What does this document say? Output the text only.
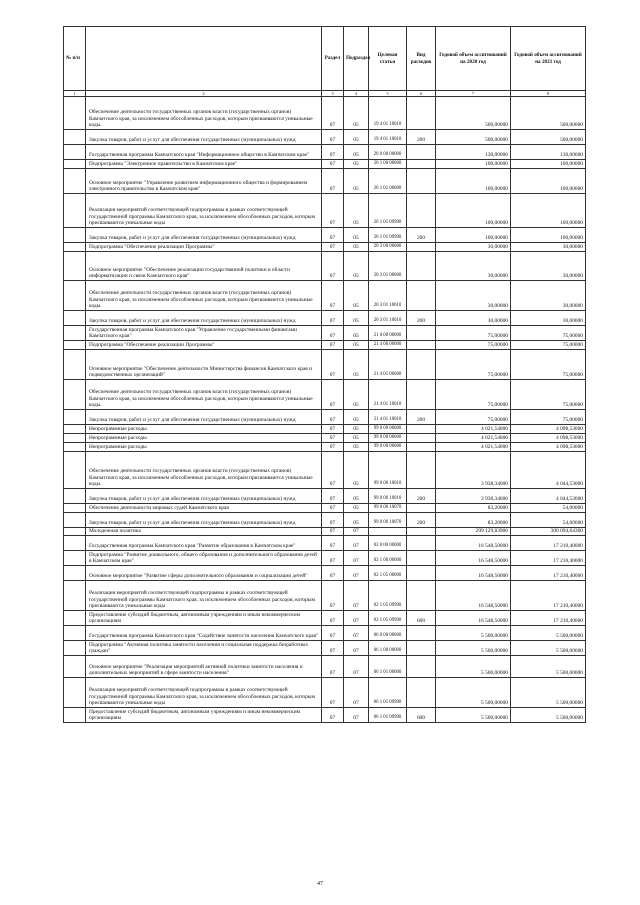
№ п/п		Раздел	Подраздел	Целевая статья	Вид расходов	Годовой объем ассигнований на 2020 год	Годовой объем ассигнований на 2021 год
1	2	3	4	5	6	7	8
	Обеспечение деятельности государственных органов власти (государственных органов) Камчатского края, за исключением обособленных расходов, которым присваиваются уникальные коды.	07	05	19 4 01 10010		500,00000	500,00000
	Закупка товаров, работ и услуг для обеспечения государственных (муниципальных) нужд	07	05	19 4 01 10010	200	500,00000	500,00000
	Государственная программа Камчатского края "Информационное общество в Камчатском крае"	07	05	20 0 00 00000		130,00000	130,00000
	Подпрограмма "Электронное правительство в Камчатском крае"	07	05	20 1 00 00000		100,00000	100,00000
	Основное мероприятие "Управление развитием информационного общества и формированием электронного правительства в Камчатском крае"	07	05	20 1 01 00000		100,00000	100,00000
	Реализация мероприятий соответствующей подпрограммы в рамках соответствующей государственной программы Камчатского края, за исключением обособленных расходов, которым присваиваются уникальные коды	07	05	20 1 01 09990		100,00000	100,00000
	Закупка товаров, работ и услуг для обеспечения государственных (муниципальных) нужд	07	05	20 1 01 09990	200	100,00000	100,00000
	Подпрограмма "Обеспечение реализации Программы"	07	05	20 3 00 00000		30,00000	30,00000
	Основное мероприятие "Обеспечение реализации государственной политики в области информатизации и связи Камчатского края"	07	05	20 3 01 00000		30,00000	30,00000
	Обеспечение деятельности государственных органов власти (государственных органов) Камчатского края, за исключением обособленных расходов, которым присваиваются уникальные коды.	07	05	20 3 01 10010		30,00000	30,00000
	Закупка товаров, работ и услуг для обеспечения государственных (муниципальных) нужд	07	05	20 3 01 10010	200	30,00000	30,00000
	Государственная программа Камчатского края "Управление государственными финансами Камчатского края"	07	05	21 0 00 00000		75,00000	75,00000
	Подпрограмма "Обеспечение реализации Программы"	07	05	21 4 00 00000		75,00000	75,00000
	Основное мероприятие "Обеспечение деятельности Министерства финансов Камчатского края и подведомственных организаций"	07	05	21 4 01 00000		75,00000	75,00000
	Обеспечение деятельности государственных органов власти (государственных органов) Камчатского края, за исключением обособленных расходов, которым присваиваются уникальные коды.	07	05	21 4 01 10010		75,00000	75,00000
	Закупка товаров, работ и услуг для обеспечения государственных (муниципальных) нужд	07	05	21 4 01 10010	200	75,00000	75,00000
	Непрограммные расходы	07	05	99 0 00 00000		4 021,54000	4 098,53000
	Непрограммные расходы	07	05	99 0 00 00000		4 021,54000	4 098,53000
	Непрограммные расходы	07	05	99 0 00 00000		4 021,54000	4 098,53000
	Обеспечение деятельности государственных органов власти (государственных органов) Камчатского края, за исключением обособленных расходов, которым присваиваются уникальные коды.	07	05	99 0 00 10010		3 938,34000	4 044,53000
	Закупка товаров, работ и услуг для обеспечения государственных (муниципальных) нужд	07	05	99 0 00 10010	200	3 938,34000	4 044,53000
	Обеспечение деятельности мировых судей Камчатского края	07	05	99 0 00 10070		83,20000	54,00000
	Закупка товаров, работ и услуг для обеспечения государственных (муниципальных) нужд	07	05	99 0 00 10070	200	83,20000	54,00000
	Молодежная политика	07	07			299 129,83900	300 094,64300
	Государственная программа Камчатского края "Развитие образования в Камчатском крае"	07	07	02 0 00 00000		16 548,50000	17 210,40000
	Подпрограмма "Развитие дошкольного, общего образования и дополнительного образования детей в Камчатском крае"	07	07	02 1 00 00000		16 548,50000	17 210,40000
	Основное мероприятие "Развитие сферы дополнительного образования и социализации детей"	07	07	02 1 05 00000		16 548,50000	17 210,40000
	Реализация мероприятий соответствующей подпрограммы в рамках соответствующей государственной программы Камчатского края, за исключением обособленных расходов, которым присваиваются уникальные коды	07	07	02 1 05 09990		16 548,50000	17 210,40000
	Предоставление субсидий бюджетным, автономным учреждениям и иным некоммерческим организациям	07	07	02 1 05 09990	600	16 548,50000	17 210,40000
	Государственная программа Камчатского края "Содействие занятости населения Камчатского края"	07	07	06 0 00 00000		5 500,00000	5 500,00000
	Подпрограмма "Активная политика занятости населения и социальная поддержка безработных граждан"	07	07	06 1 00 00000		5 500,00000	5 500,00000
	Основное мероприятие "Реализация мероприятий активной политики занятости населения и дополнительных мероприятий в сфере занятости населения"	07	07	06 1 01 00000		5 500,00000	5 500,00000
	Реализация мероприятий соответствующей подпрограммы в рамках соответствующей государственной программы Камчатского края, за исключением обособленных расходов, которым присваиваются уникальные коды	07	07	06 1 01 09990		5 500,00000	5 500,00000
	Предоставление субсидий бюджетным, автономным учреждениям и иным некоммерческим организациям	07	07	06 1 01 09990	600	5 500,00000	5 500,00000
47
